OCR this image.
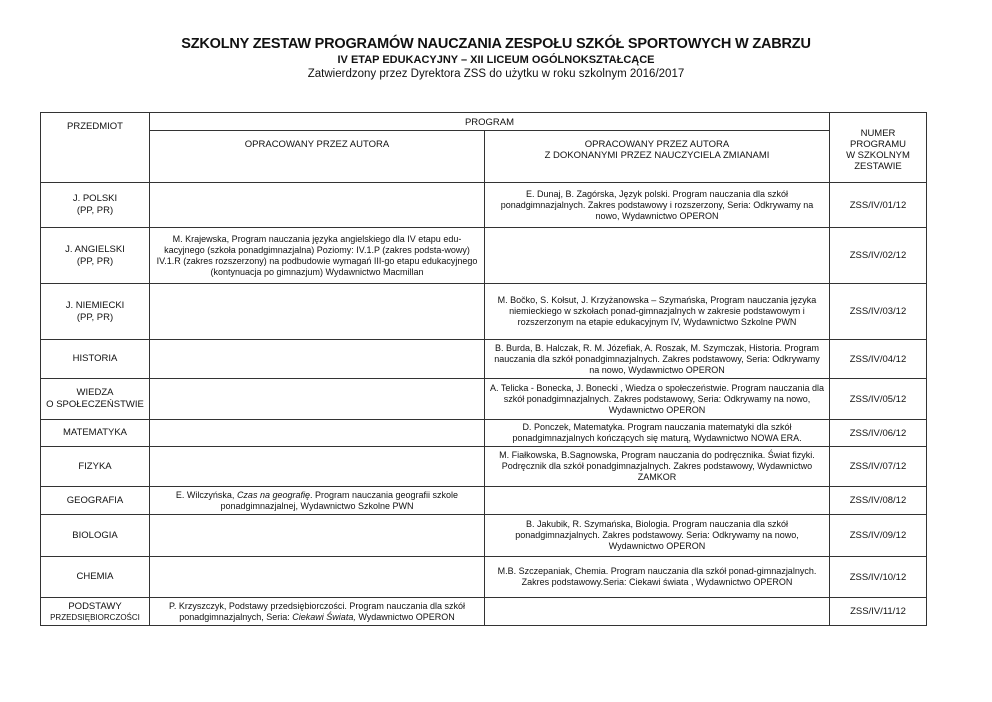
SZKOLNY ZESTAW PROGRAMÓW NAUCZANIA ZESPOŁU SZKÓŁ SPORTOWYCH W ZABRZU
IV ETAP EDUKACYJNY – XII LICEUM OGÓLNOKSZTAŁCĄCE
Zatwierdzony przez Dyrektora ZSS do użytku w roku szkolnym 2016/2017
PRZEDMIOT	PROGRAM		NUMER
PROGRAMU
W SZKOLNYM
ZESTAWIE

	OPRACOWANY PRZEZ AUTORA	OPRACOWANY PRZEZ AUTORA
Z DOKONANYMI PRZEZ NAUCZYCIELA ZMIANAMI	

J. POLSKI
(PP, PR)		E. Dunaj, B. Zagórska, Język polski. Program nauczania dla szkół ponadgimnazjalnych. Zakres podstawowy i rozszerzony, Seria: Odkrywamy na nowo, Wydawnictwo OPERON	ZSS/IV/01/12

J. ANGIELSKI
(PP, PR)	M. Krajewska, Program nauczania języka angielskiego dla IV etapu edu-kacyjnego (szkoła ponadgimnazjalna) Poziomy: IV.1.P (zakres podsta-wowy) IV.1.R (zakres rozszerzony) na podbudowie wymagań III-go etapu edukacyjnego (kontynuacja po gimnazjum) Wydawnictwo Macmillan		ZSS/IV/02/12

J. NIEMIECKI
(PP, PR)		M. Bočko, S. Kołsut, J. Krzyżanowska – Szymańska, Program nauczania języka niemieckiego w szkołach ponad-gimnazjalnych w zakresie podstawowym i rozszerzonym na etapie edukacyjnym IV, Wydawnictwo Szkolne PWN	ZSS/IV/03/12

HISTORIA		B. Burda, B. Halczak, R. M. Józefiak, A. Roszak, M. Szymczak, Historia. Program nauczania dla szkół ponadgimnazjalnych. Zakres podstawowy, Seria: Odkrywamy na nowo, Wydawnictwo OPERON	ZSS/IV/04/12

WIEDZA
O SPOŁECZEŃSTWIE		A. Telicka - Bonecka, J. Bonecki , Wiedza o społeczeństwie. Program nauczania dla szkół ponadgimnazjalnych. Zakres podstawowy, Seria: Odkrywamy na nowo, Wydawnictwo OPERON	ZSS/IV/05/12

MATEMATYKA		D. Ponczek, Matematyka. Program nauczania matematyki dla szkół ponadgimnazjalnych kończących się maturą, Wydawnictwo NOWA ERA.	ZSS/IV/06/12

FIZYKA		M. Fiałkowska, B.Sagnowska, Program nauczania do podręcznika. Świat fizyki. Podręcznik dla szkół ponadgimnazjalnych. Zakres podstawowy, Wydawnictwo ZAMKOR	ZSS/IV/07/12

GEOGRAFIA	E. Wilczyńska, Czas na geografię. Program nauczania geografii szkole ponadgimnazjalnej, Wydawnictwo Szkolne PWN		ZSS/IV/08/12

BIOLOGIA		B. Jakubik, R. Szymańska, Biologia. Program nauczania dla szkół ponadgimnazjalnych. Zakres podstawowy. Seria: Odkrywamy na nowo, Wydawnictwo OPERON	ZSS/IV/09/12

CHEMIA		M.B. Szczepaniak, Chemia. Program nauczania dla szkół ponad-gimnazjalnych. Zakres podstawowy.Seria: Ciekawi świata , Wydawnictwo OPERON	ZSS/IV/10/12

PODSTAWY
PRZEDSIĘBIORCZOŚCI	P. Krzyszczyk, Podstawy przedsiębiorczości. Program nauczania dla szkół ponadgimnazjalnych, Seria: Ciekawi Świata, Wydawnictwo OPERON		ZSS/IV/11/12
